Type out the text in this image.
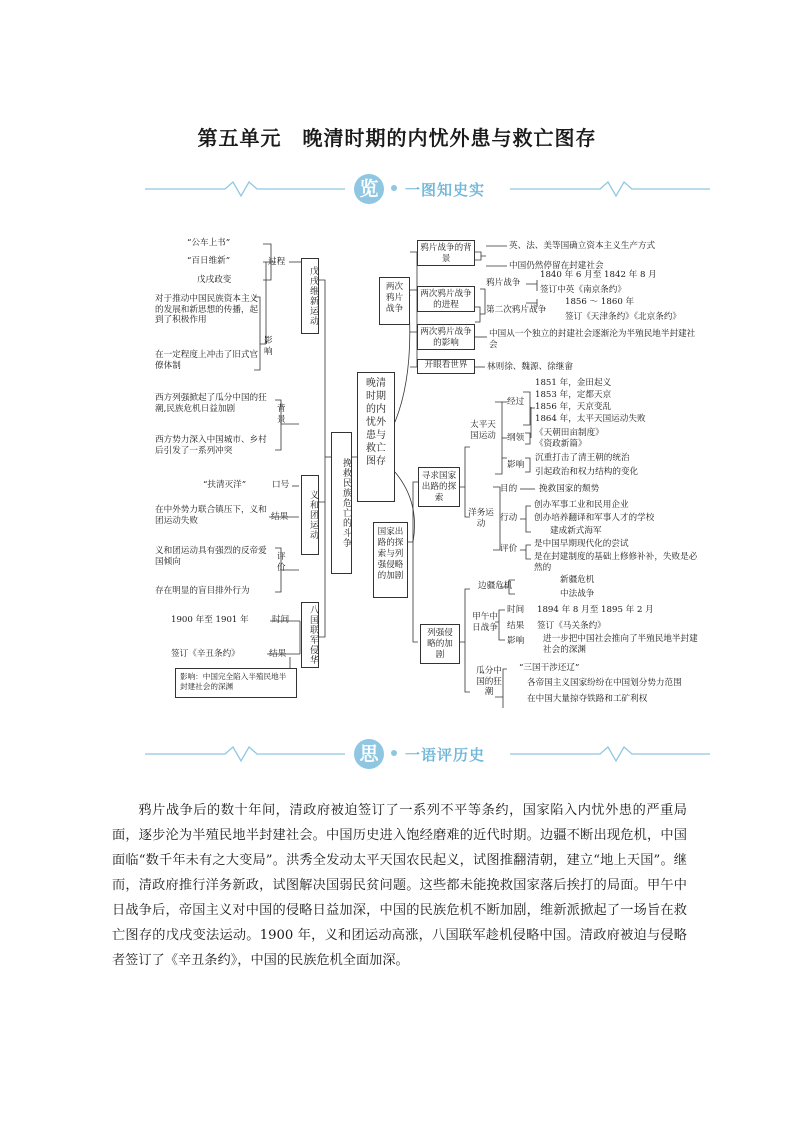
第五单元　晚清时期的内忧外患与救亡图存
览	一图知史实
“公车上书”
“百日维新”
戊戌政变
过程
戊戌维新运动
对于推动中国民族资本主义的发展和新思想的传播，起到了积极作用
在一定程度上冲击了旧式官僚体制
影响
西方列强掀起了瓜分中国的狂潮,民族危机日益加剧
西方势力深入中国城市、乡村后引发了一系列冲突
背景
“扶清灭洋”	口号
在中外势力联合镇压下，义和团运动失败	结果	义和团运动
义和团运动具有强烈的反帝爱国倾向
存在明显的盲目排外行为
评价
1900 年至 1901 年	时间
签订《辛丑条约》	结果	八国联军侵华
影响：中国完全陷入半殖民地半封建社会的深渊
挽救民族危亡的斗争
晚清时期的内忧外患与救亡图存
两次鸦片战争
鸦片战争的背景
英、法、美等国确立资本主义生产方式
中国仍然停留在封建社会
两次鸦片战争的进程
鸦片战争
1840 年 6 月至 1842 年 8 月
签订中英《南京条约》
第二次鸦片战争
1856 ～ 1860 年
签订《天津条约》《北京条约》
两次鸦片战争的影响
中国从一个独立的封建社会逐渐沦为半殖民地半封建社会
开眼看世界	林则徐、魏源、徐继畲
国家出路的探索与列强侵略的加剧
寻求国家出路的探索
太平天国运动
经过
1851 年，金田起义
1853 年，定都天京
1856 年，天京变乱
1864 年，太平天国运动失败
纲领 《天朝田亩制度》
《资政新篇》
影响
沉重打击了清王朝的统治
引起政治和权力结构的变化
洋务运动
目的	挽救国家的颓势
行动
创办军事工业和民用企业
创办培养翻译和军事人才的学校
建成新式海军
评价 是中国早期现代化的尝试
是在封建制度的基础上修修补补，失败是必然的
列强侵略的加剧
边疆危机
新疆危机
中法战争
甲午中日战争
时间 1894 年 8 月至 1895 年 2 月
结果 签订《马关条约》
影响 进一步把中国社会推向了半殖民地半封建社会的深渊
瓜分中国的狂潮
“三国干涉还辽”
各帝国主义国家纷纷在中国划分势力范围
在中国大量掠夺铁路和工矿利权
思	一语评历史
鸦片战争后的数十年间，清政府被迫签订了一系列不平等条约，国家陷入内忧外患的严重局面，逐步沦为半殖民地半封建社会。中国历史进入饱经磨难的近代时期。边疆不断出现危机，中国面临“数千年未有之大变局”。洪秀全发动太平天国农民起义，试图推翻清朝，建立“地上天国”。继而，清政府推行洋务新政，试图解决国弱民贫问题。这些都未能挽救国家落后挨打的局面。甲午中日战争后，帝国主义对中国的侵略日益加深，中国的民族危机不断加剧，维新派掀起了一场旨在救亡图存的戊戌变法运动。1900 年，义和团运动高涨，八国联军趁机侵略中国。清政府被迫与侵略者签订了《辛丑条约》，中国的民族危机全面加深。
